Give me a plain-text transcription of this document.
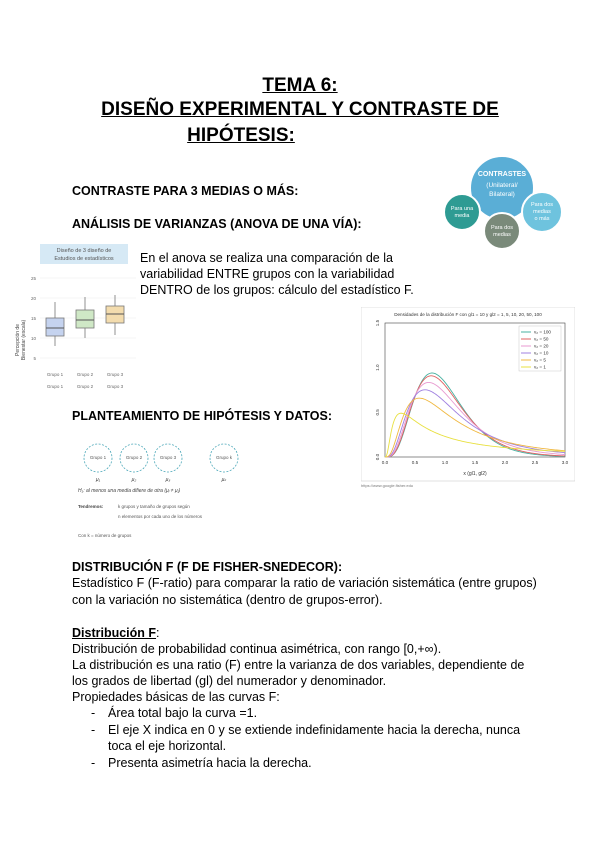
TEMA 6:
DISEÑO EXPERIMENTAL Y CONTRASTE DE
HIPÓTESIS:
CONTRASTES
(Unilateral/
Bilateral)
Para una
media
Para dos
medias
o más
Para dos
medias
CONTRASTE PARA 3 MEDIAS O MÁS:
ANÁLISIS DE VARIANZAS (ANOVA DE UNA VÍA):
Diseño de 3 diseño de
Estudios de estadísticos
Percepción de Bienestar (escala)
25
20
15
10
5
Grupo 1	Grupo 2	Grupo 3
Grupo 1	Grupo 2	Grupo 3
En el anova se realiza una comparación de la
variabilidad ENTRE grupos con la variabilidad
DENTRO de los grupos: cálculo del estadístico F.
Densidades de la distribución F con gl1 = 10 y gl2 = 1, 5, 10, 20, 50, 100
0.0	0.5	1.0	1.5	2.0	2.5	3.0
0.0
0.5
1.0
1.5
ν₂ = 100
ν₂ = 50
ν₂ = 20
ν₂ = 10
ν₂ = 5
ν₂ = 1
x (gl1, gl2)
https://www.google.fisher.edu
PLANTEAMIENTO DE HIPÓTESIS Y DATOS:
Grupo 1	Grupo 2	Grupo 3	Grupo k
μ₁	μ₂	μ₃	μₖ
H₁: al menos una media difiere de otra (μᵢ ≠ μⱼ)
Tendremos:	k grupos y tamaño de grupos según
n elementos por cada uno de los números
Con k = número de grupos
DISTRIBUCIÓN F (F DE FISHER-SNEDECOR):
Estadístico F (F-ratio) para comparar la ratio de variación sistemática (entre grupos)
con la variación no sistemática (dentro de grupos-error).
Distribución F:
Distribución de probabilidad continua asimétrica, con rango [0,+∞).
La distribución es una ratio (F) entre la varianza de dos variables, dependiente de
los grados de libertad (gl) del numerador y denominador.
Propiedades básicas de las curvas F:
- Área total bajo la curva =1.
- El eje X indica en 0 y se extiende indefinidamente hacia la derecha, nunca
toca el eje horizontal.
- Presenta asimetría hacia la derecha.
